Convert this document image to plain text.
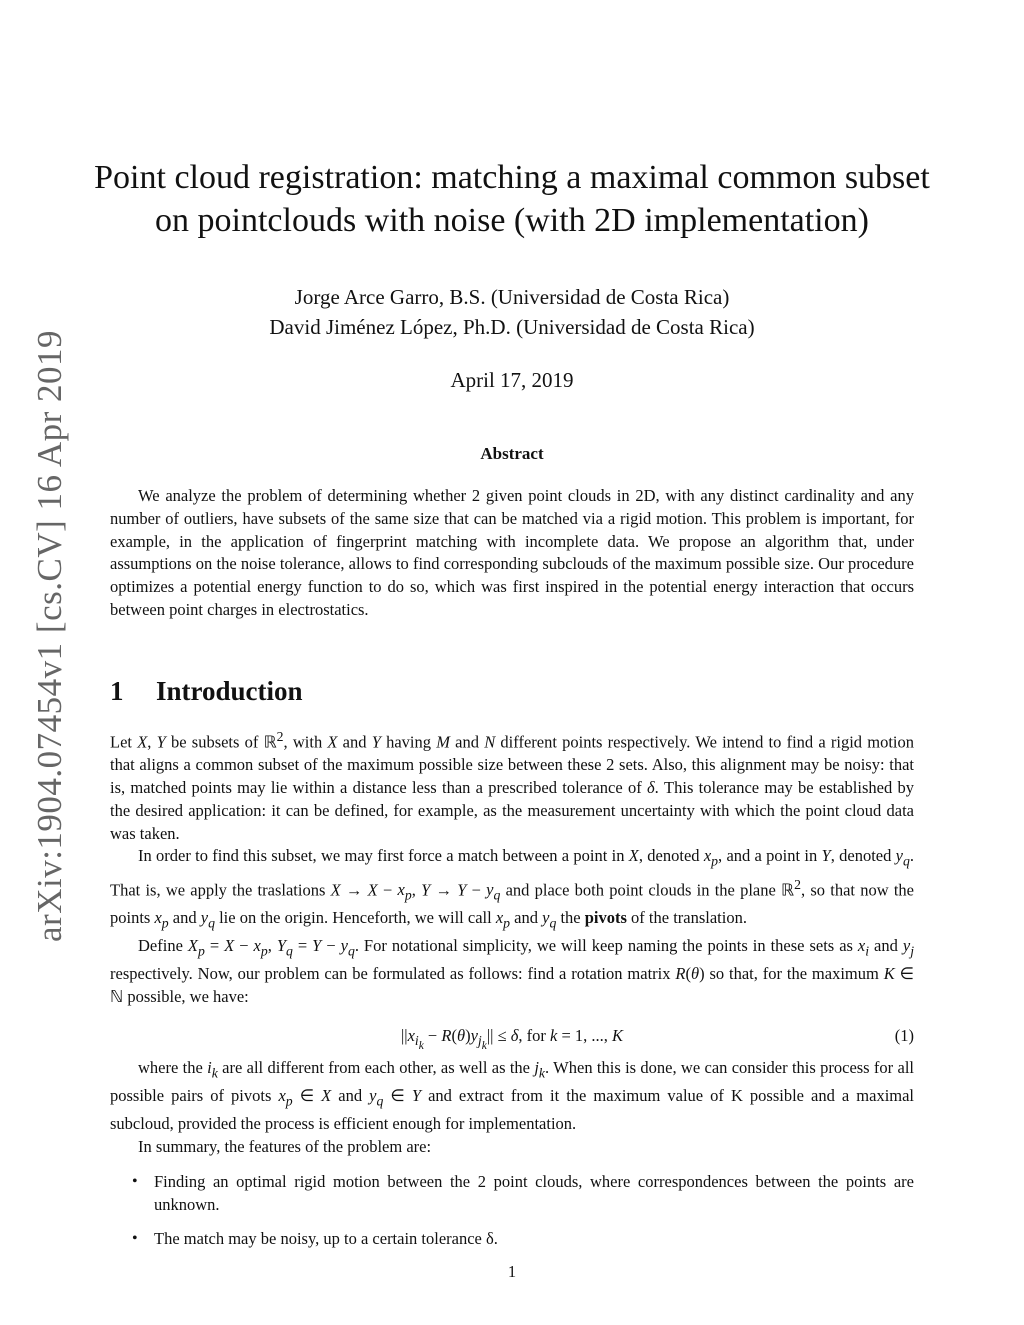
arXiv:1904.07454v1 [cs.CV] 16 Apr 2019
Point cloud registration: matching a maximal common subset
on pointclouds with noise (with 2D implementation)
Jorge Arce Garro, B.S. (Universidad de Costa Rica)
David Jiménez López, Ph.D. (Universidad de Costa Rica)
April 17, 2019
Abstract

We analyze the problem of determining whether 2 given point clouds in 2D, with any distinct cardinality and any number of outliers, have subsets of the same size that can be matched via a rigid motion. This problem is important, for example, in the application of fingerprint matching with incomplete data. We propose an algorithm that, under assumptions on the noise tolerance, allows to find corresponding subclouds of the maximum possible size. Our procedure optimizes a potential energy function to do so, which was first inspired in the potential energy interaction that occurs between point charges in electrostatics.

1 Introduction

Let X, Y be subsets of ℝ$^2$, with X and Y having M and N different points respectively. We intend to find a rigid motion that aligns a common subset of the maximum possible size between these 2 sets. Also, this alignment may be noisy: that is, matched points may lie within a distance less than a prescribed tolerance of δ. This tolerance may be established by the desired application: it can be defined, for example, as the measurement uncertainty with which the point cloud data was taken.

In order to find this subset, we may first force a match between a point in X, denoted $x_p$, and a point in Y, denoted $y_q$. That is, we apply the traslations $X \to X - x_p$, $Y \to Y - y_q$ and place both point clouds in the plane ℝ$^2$, so that now the points $x_p$ and $y_q$ lie on the origin. Henceforth, we will call $x_p$ and $y_q$ the pivots of the translation.

Define $X_p = X - x_p$, $Y_q = Y - y_q$. For notational simplicity, we will keep naming the points in these sets as $x_i$ and $y_j$ respectively. Now, our problem can be formulated as follows: find a rotation matrix R(θ) so that, for the maximum K ∈ ℕ possible, we have:

$||x_{i_k} - R(\theta)y_{j_k}|| \le \delta$, for k = 1, ..., K	(1)

where the $i_k$ are all different from each other, as well as the $j_k$. When this is done, we can consider this process for all possible pairs of pivots $x_p$ ∈ X and $y_q$ ∈ Y and extract from it the maximum value of K possible and a maximal subcloud, provided the process is efficient enough for implementation.

In summary, the features of the problem are:

• Finding an optimal rigid motion between the 2 point clouds, where correspondences between the points are unknown.
• The match may be noisy, up to a certain tolerance δ.
1
